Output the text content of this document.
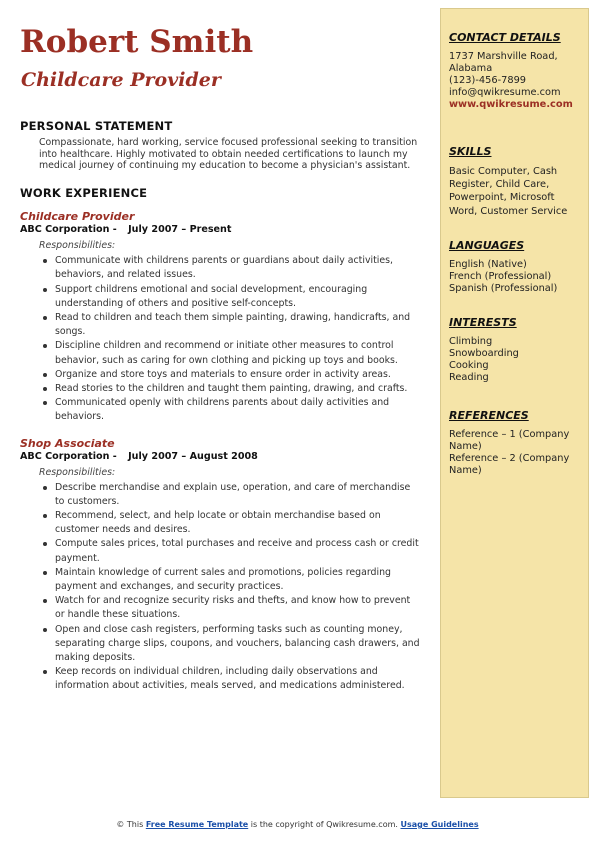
Robert Smith
Childcare Provider
PERSONAL STATEMENT

Compassionate, hard working, service focused professional seeking to transition into healthcare. Highly motivated to obtain needed certifications to launch my medical journey of continuing my education to become a physician's assistant.

WORK EXPERIENCE
Childcare Provider
ABC Corporation - July 2007 – Present
Responsibilities:
Communicate with childrens parents or guardians about daily activities, behaviors, and related issues.
Support childrens emotional and social development, encouraging understanding of others and positive self-concepts.
Read to children and teach them simple painting, drawing, handicrafts, and songs.
Discipline children and recommend or initiate other measures to control behavior, such as caring for own clothing and picking up toys and books.
Organize and store toys and materials to ensure order in activity areas.
Read stories to the children and taught them painting, drawing, and crafts.
Communicated openly with childrens parents about daily activities and behaviors.
Shop Associate
ABC Corporation - July 2007 – August 2008
Responsibilities:
Describe merchandise and explain use, operation, and care of merchandise to customers.
Recommend, select, and help locate or obtain merchandise based on customer needs and desires.
Compute sales prices, total purchases and receive and process cash or credit payment.
Maintain knowledge of current sales and promotions, policies regarding payment and exchanges, and security practices.
Watch for and recognize security risks and thefts, and know how to prevent or handle these situations.
Open and close cash registers, performing tasks such as counting money, separating charge slips, coupons, and vouchers, balancing cash drawers, and making deposits.
Keep records on individual children, including daily observations and information about activities, meals served, and medications administered.
CONTACT DETAILS

1737 Marshville Road, Alabama

(123)-456-7899

info@qwikresume.com

www.qwikresume.com

SKILLS

Basic Computer, Cash Register, Child Care, Powerpoint, Microsoft Word, Customer Service

LANGUAGES

English (Native)

French (Professional)

Spanish (Professional)

INTERESTS

Climbing

Snowboarding

Cooking

Reading

REFERENCES

Reference – 1 (Company Name)

Reference – 2 (Company Name)

© This Free Resume Template is the copyright of Qwikresume.com. Usage Guidelines
